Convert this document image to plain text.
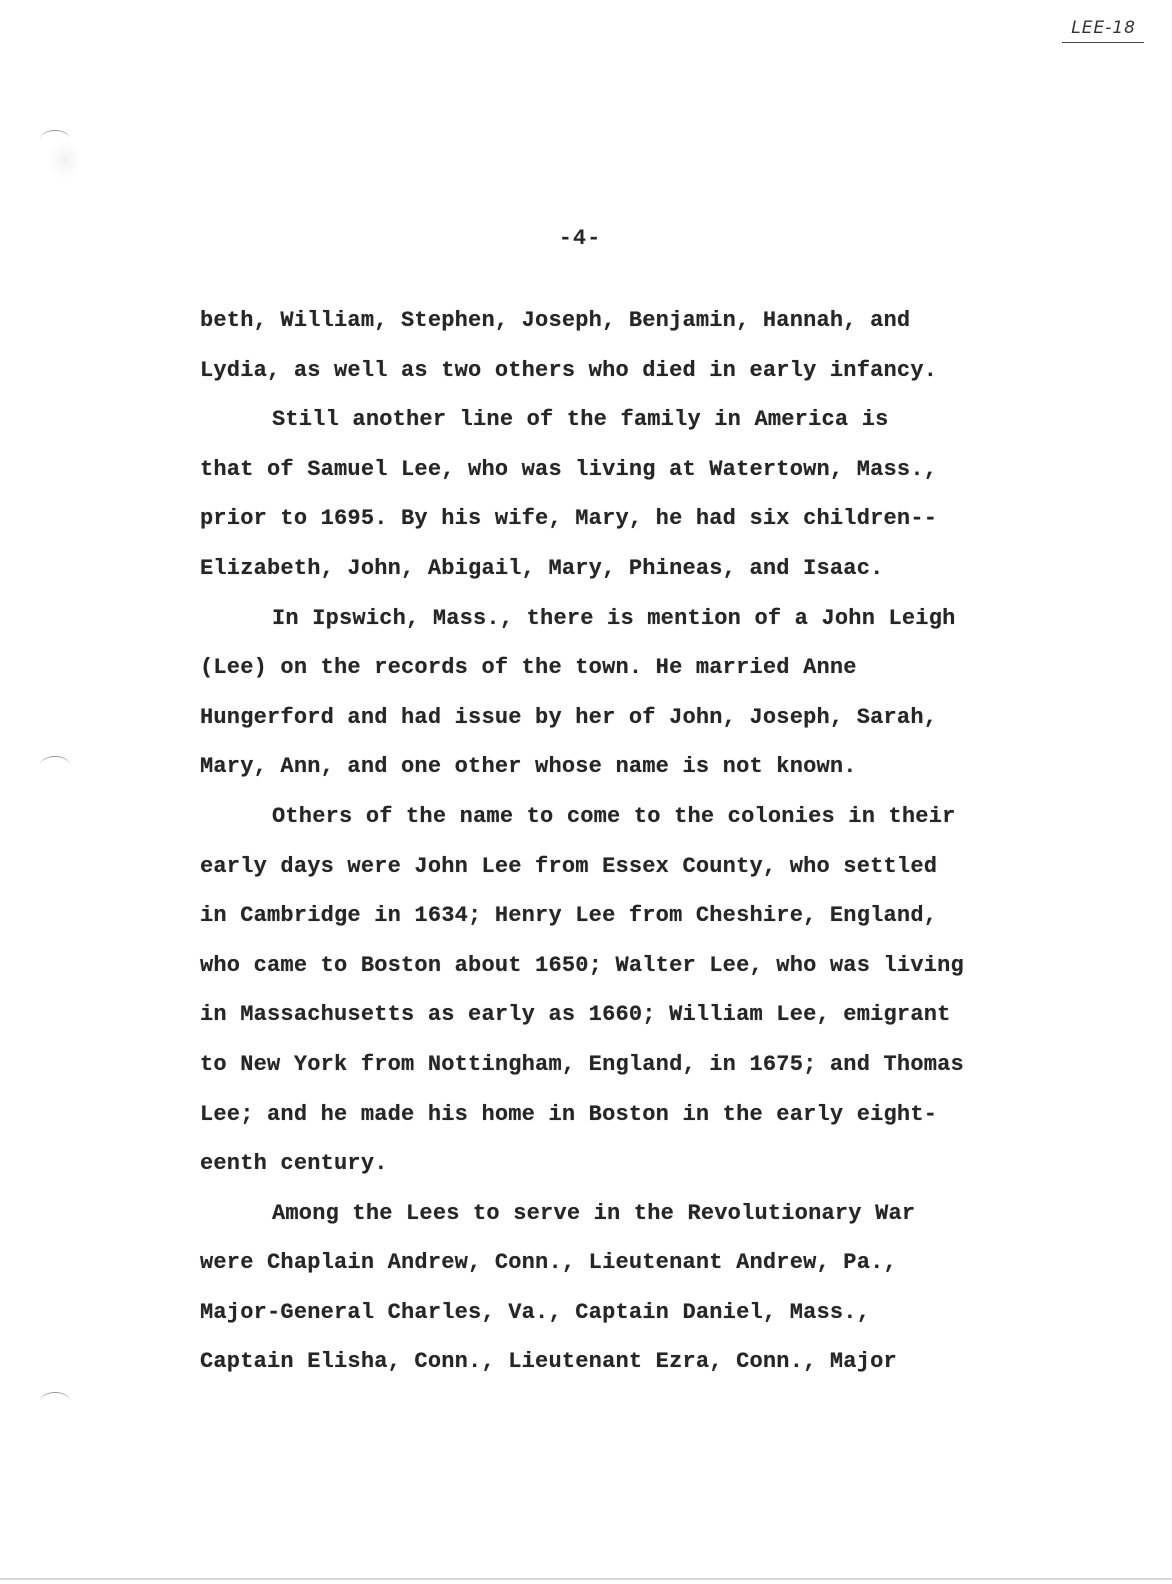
LEE-18
-4-
beth, William, Stephen, Joseph, Benjamin, Hannah, and
Lydia, as well as two others who died in early infancy.
Still another line of the family in America is
that of Samuel Lee, who was living at Watertown, Mass.,
prior to 1695. By his wife, Mary, he had six children--
Elizabeth, John, Abigail, Mary, Phineas, and Isaac.
In Ipswich, Mass., there is mention of a John Leigh
(Lee) on the records of the town. He married Anne
Hungerford and had issue by her of John, Joseph, Sarah,
Mary, Ann, and one other whose name is not known.
Others of the name to come to the colonies in their
early days were John Lee from Essex County, who settled
in Cambridge in 1634; Henry Lee from Cheshire, England,
who came to Boston about 1650; Walter Lee, who was living
in Massachusetts as early as 1660; William Lee, emigrant
to New York from Nottingham, England, in 1675; and Thomas
Lee; and he made his home in Boston in the early eight-
eenth century.
Among the Lees to serve in the Revolutionary War
were Chaplain Andrew, Conn., Lieutenant Andrew, Pa.,
Major-General Charles, Va., Captain Daniel, Mass.,
Captain Elisha, Conn., Lieutenant Ezra, Conn., Major
